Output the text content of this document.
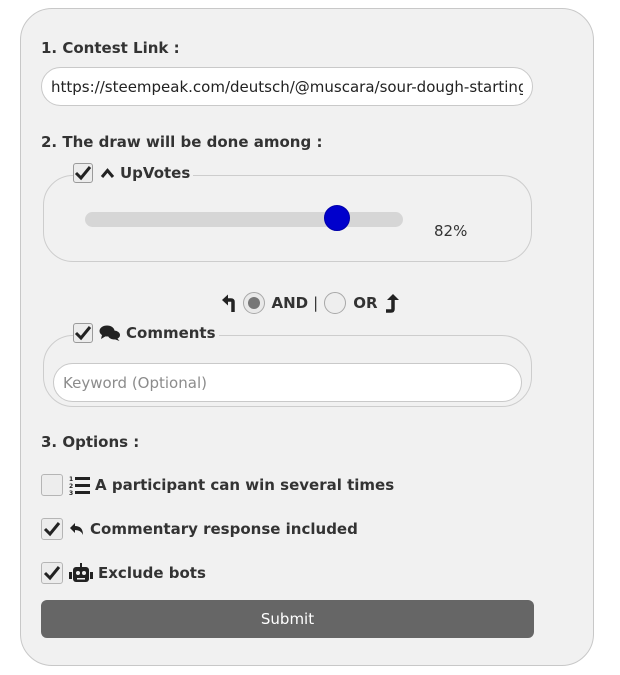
1. Contest Link :
https://steempeak.com/deutsch/@muscara/sour-dough-starting-after-a-fun-day
2. The draw will be done among :
UpVotes
82%
AND | OR
Comments
Keyword (Optional)
3. Options :
1
2
3 A participant can win several times
Commentary response included
Exclude bots
Submit
